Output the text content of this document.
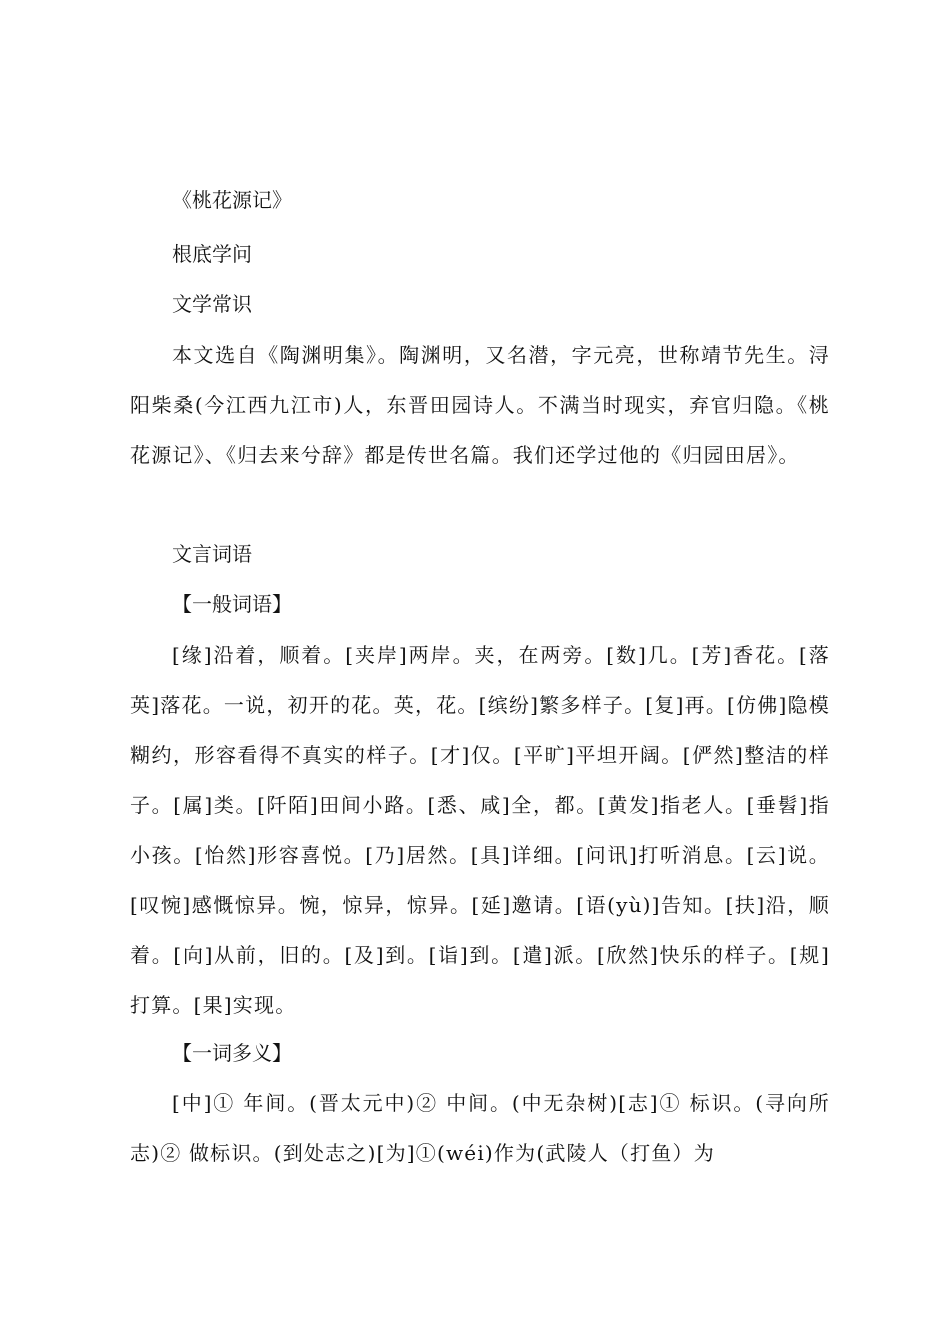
《桃花源记》
根底学问
文学常识
本文选自《陶渊明集》。陶渊明，又名潜，字元亮，世称靖节先生。浔阳柴桑(今江西九江市)人，东晋田园诗人。不满当时现实，弃官归隐。《桃花源记》、《归去来兮辞》都是传世名篇。我们还学过他的《归园田居》。
文言词语
【一般词语】
[缘]沿着，顺着。[夹岸]两岸。夹，在两旁。[数]几。[芳]香花。[落英]落花。一说，初开的花。英，花。[缤纷]繁多样子。[复]再。[仿佛]隐模糊约，形容看得不真实的样子。[才]仅。[平旷]平坦开阔。[俨然]整洁的样子。[属]类。[阡陌]田间小路。[悉、咸]全，都。[黄发]指老人。[垂髫]指小孩。[怡然]形容喜悦。[乃]居然。[具]详细。[问讯]打听消息。[云]说。[叹惋]感慨惊异。惋，惊异，惊异。[延]邀请。[语(yù)]告知。[扶]沿，顺着。[向]从前，旧的。[及]到。[诣]到。[遣]派。[欣然]快乐的样子。[规]打算。[果]实现。
【一词多义】
[中]① 年间。(晋太元中)② 中间。(中无杂树)[志]① 标识。(寻向所志)② 做标识。(到处志之)[为]①(wéi)作为(武陵人（打鱼）为
